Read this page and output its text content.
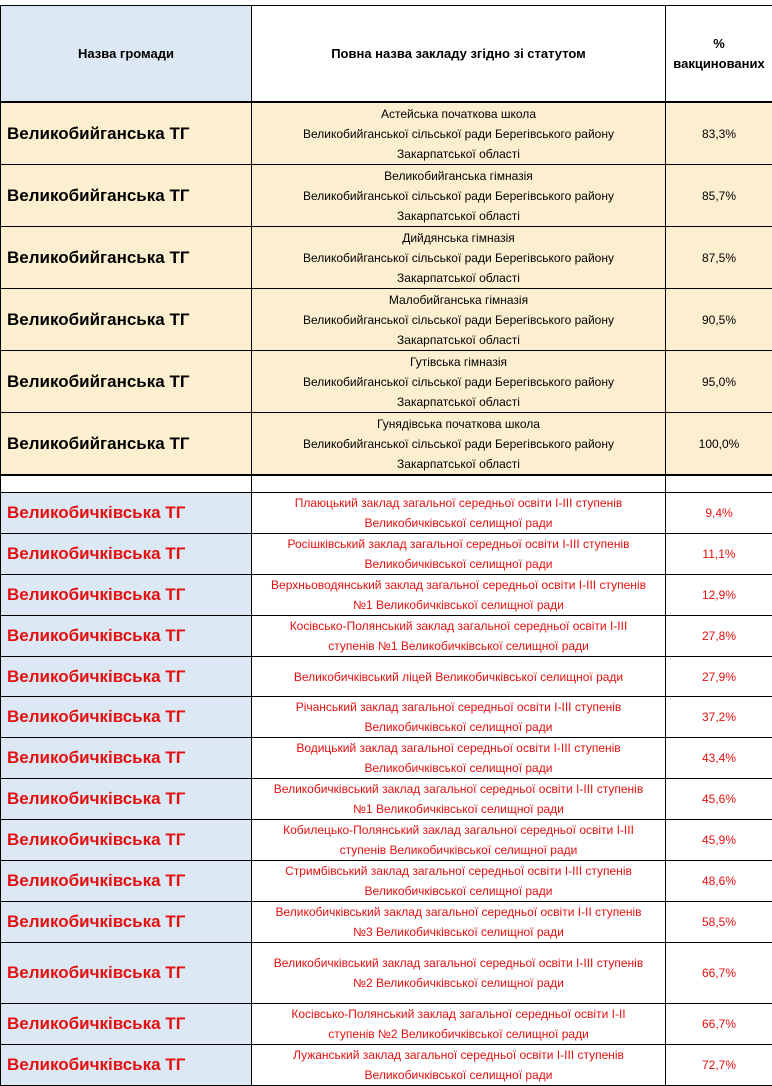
Назва громади	Повна назва закладу згідно зі статутом	%
вакцинованих

Великобийганська ТГ	Астейська початкова школа
Великобийганської сільської ради Берегівського району
Закарпатської області	83,3%
Великобийганська ТГ	Великобийганська гімназія
Великобийганської сільської ради Берегівського району
Закарпатської області	85,7%
Великобийганська ТГ	Дийдянська гімназія
Великобийганської сільської ради Берегівського району
Закарпатської області	87,5%
Великобийганська ТГ	Малобийганська гімназія
Великобийганської сільської ради Берегівського району
Закарпатської області	90,5%
Великобийганська ТГ	Гутівська гімназія
Великобийганської сільської ради Берегівського району
Закарпатської області	95,0%
Великобийганська ТГ	Гунядівська початкова школа
Великобийганської сільської ради Берегівського району
Закарпатської області	100,0%

Великобичківська ТГ	Плаюцький заклад загальної середньої освіти І-ІІІ ступенів
Великобичківської селищної ради	9,4%
Великобичківська ТГ	Росішківський заклад загальної середньої освіти І-ІІІ ступенів
Великобичківської селищної ради	11,1%
Великобичківська ТГ	Верхньоводянський заклад загальної середньої освіти І-ІІІ ступенів
№1 Великобичківської селищної ради	12,9%
Великобичківська ТГ	Косівсько-Полянський заклад загальної середньої освіти І-ІІІ
ступенів №1 Великобичківської селищної ради	27,8%
Великобичківська ТГ	Великобичківський ліцей Великобичківської селищної ради	27,9%
Великобичківська ТГ	Річанський заклад загальної середньої освіти І-ІІІ ступенів
Великобичківської селищної ради	37,2%
Великобичківська ТГ	Водицький заклад загальної середньої освіти І-ІІІ ступенів
Великобичківської селищної ради	43,4%
Великобичківська ТГ	Великобичківський заклад загальної середньої освіти І-ІІІ ступенів
№1 Великобичківської селищної ради	45,6%
Великобичківська ТГ	Кобилецько-Полянський заклад загальної середньої освіти І-ІІІ
ступенів Великобичківської селищної ради	45,9%
Великобичківська ТГ	Стримбівський заклад загальної середньої освіти І-ІІІ ступенів
Великобичківської селищної ради	48,6%
Великобичківська ТГ	Великобичківський заклад загальної середньої освіти І-ІІ ступенів
№3 Великобичківської селищної ради	58,5%
Великобичківська ТГ	Великобичківський заклад загальної середньої освіти І-ІІІ ступенів
№2 Великобичківської селищної ради	66,7%
Великобичківська ТГ	Косівсько-Полянський заклад загальної середньої освіти І-ІІ
ступенів №2 Великобичківської селищної ради	66,7%
Великобичківська ТГ	Лужанський заклад загальної середньої освіти І-ІІІ ступенів
Великобичківської селищної ради	72,7%
